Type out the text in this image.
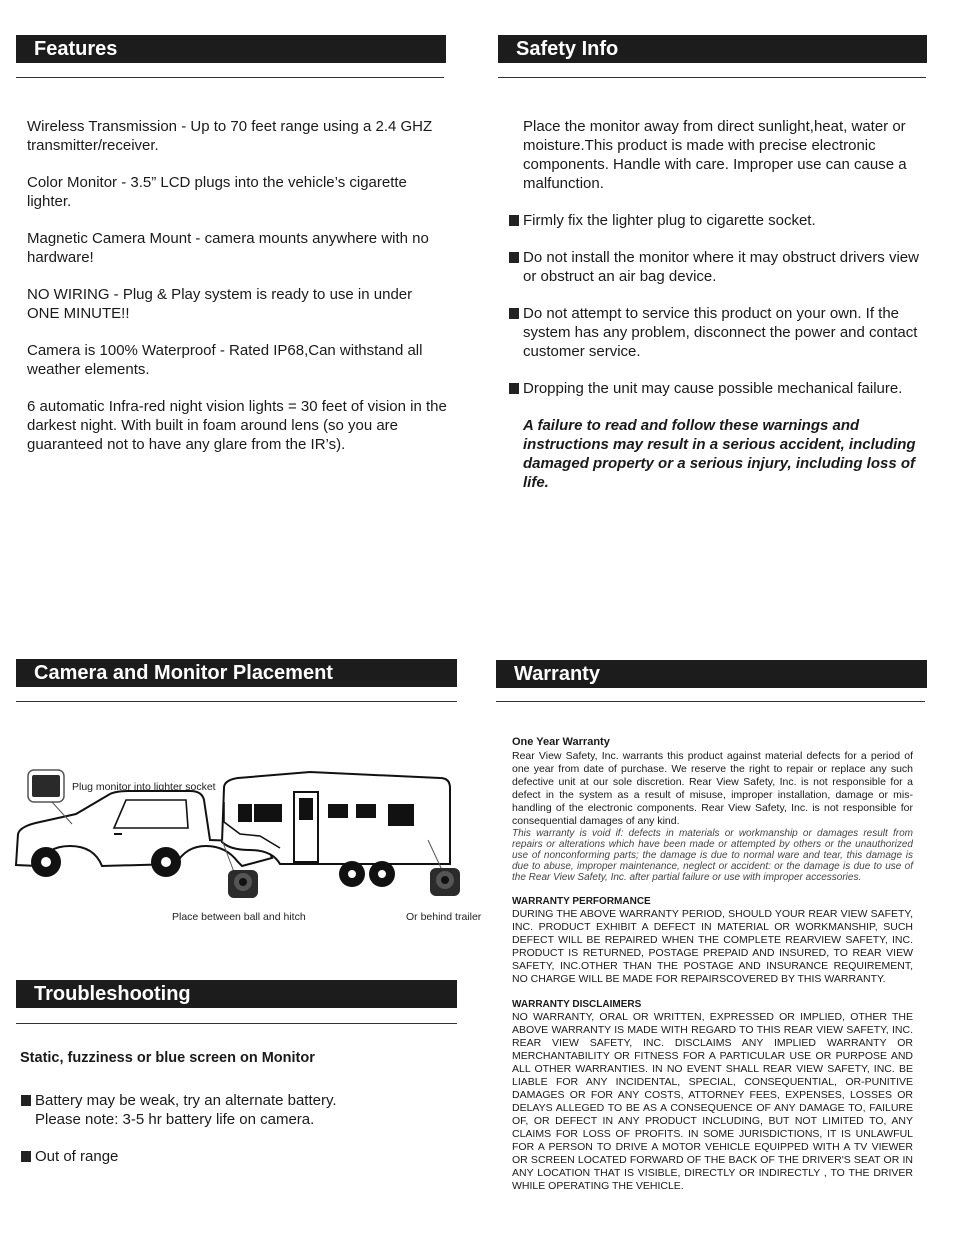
Features

Wireless Transmission - Up to 70 feet range using a 2.4 GHZ transmitter/receiver.

Color Monitor - 3.5” LCD plugs into the vehicle’s cigarette lighter.

Magnetic Camera Mount - camera mounts anywhere with no hardware!

NO WIRING - Plug & Play system is ready to use in under ONE MINUTE!!

Camera is 100% Waterproof - Rated IP68,Can withstand all weather elements.

6 automatic Infra-red night vision lights = 30 feet of vision in the darkest night. With built in foam around lens (so you are guaranteed not to have any glare from the IR’s).

Safety Info

Place the monitor away from direct sunlight,heat, water or moisture.This product is made with precise electronic components. Handle with care. Improper use can cause a malfunction.

Firmly fix the lighter plug to cigarette socket.
Do not install the monitor where it may obstruct drivers view or obstruct an air bag device.
Do not attempt to service this product on your own. If the system has any problem, disconnect the power and contact customer service.
Dropping the unit may cause possible mechanical failure.

A failure to read and follow these warnings and instructions may result in a serious accident, including damaged property or a serious injury, including loss of life.

Camera and Monitor Placement
Plug monitor into lighter socket
Place between ball and hitch	Or behind trailer
Troubleshooting
Static, fuzziness or blue screen on Monitor
Battery may be weak, try an alternate battery.
Please note: 3-5 hr battery life on camera.
Out of range
Warranty
One Year Warranty

Rear View Safety, Inc. warrants this product against material defects for a period of one year from date of purchase. We reserve the right to repair or replace any such defective unit at our sole discretion. Rear View Safety, Inc. is not responsible for a defect in the system as a result of misuse, improper installation, damage or mis-handling of the electronic components. Rear View Safety, Inc. is not responsible for consequential damages of any kind.

This warranty is void if: defects in materials or workmanship or damages result from repairs or alterations which have been made or attempted by others or the unauthorized use of nonconforming parts; the damage is due to normal ware and tear, this damage is due to abuse, improper maintenance, neglect or accident: or the damage is due to use of the Rear View Safety, Inc. after partial failure or use with improper accessories.

WARRANTY PERFORMANCE

DURING THE ABOVE WARRANTY PERIOD, SHOULD YOUR REAR VIEW SAFETY, INC. PRODUCT EXHIBIT A DEFECT IN MATERIAL OR WORKMANSHIP, SUCH DEFECT WILL BE REPAIRED WHEN THE COMPLETE REARVIEW SAFETY, INC. PRODUCT IS RETURNED, POSTAGE PREPAID AND INSURED, TO REAR VIEW SAFETY, INC.OTHER THAN THE POSTAGE AND INSURANCE REQUIREMENT, NO CHARGE WILL BE MADE FOR REPAIRSCOVERED BY THIS WARRANTY.

WARRANTY DISCLAIMERS

NO WARRANTY, ORAL OR WRITTEN, EXPRESSED OR IMPLIED, OTHER THE ABOVE WARRANTY IS MADE WITH REGARD TO THIS REAR VIEW SAFETY, INC. REAR VIEW SAFETY, INC. DISCLAIMS ANY IMPLIED WARRANTY OR MERCHANTABILITY OR FITNESS FOR A PARTICULAR USE OR PURPOSE AND ALL OTHER WARRANTIES. IN NO EVENT SHALL REAR VIEW SAFETY, INC. BE LIABLE FOR ANY INCIDENTAL, SPECIAL, CONSEQUENTIAL, OR-PUNITIVE DAMAGES OR FOR ANY COSTS, ATTORNEY FEES, EXPENSES, LOSSES OR DELAYS ALLEGED TO BE AS A CONSEQUENCE OF ANY DAMAGE TO, FAILURE OF, OR DEFECT IN ANY PRODUCT INCLUDING, BUT NOT LIMITED TO, ANY CLAIMS FOR LOSS OF PROFITS. IN SOME JURISDICTIONS, IT IS UNLAWFUL FOR A PERSON TO DRIVE A MOTOR VEHICLE EQUIPPED WITH A TV VIEWER OR SCREEN LOCATED FORWARD OF THE BACK OF THE DRIVER'S SEAT OR IN ANY LOCATION THAT IS VISIBLE, DIRECTLY OR INDIRECTLY , TO THE DRIVER WHILE OPERATING THE VEHICLE.
